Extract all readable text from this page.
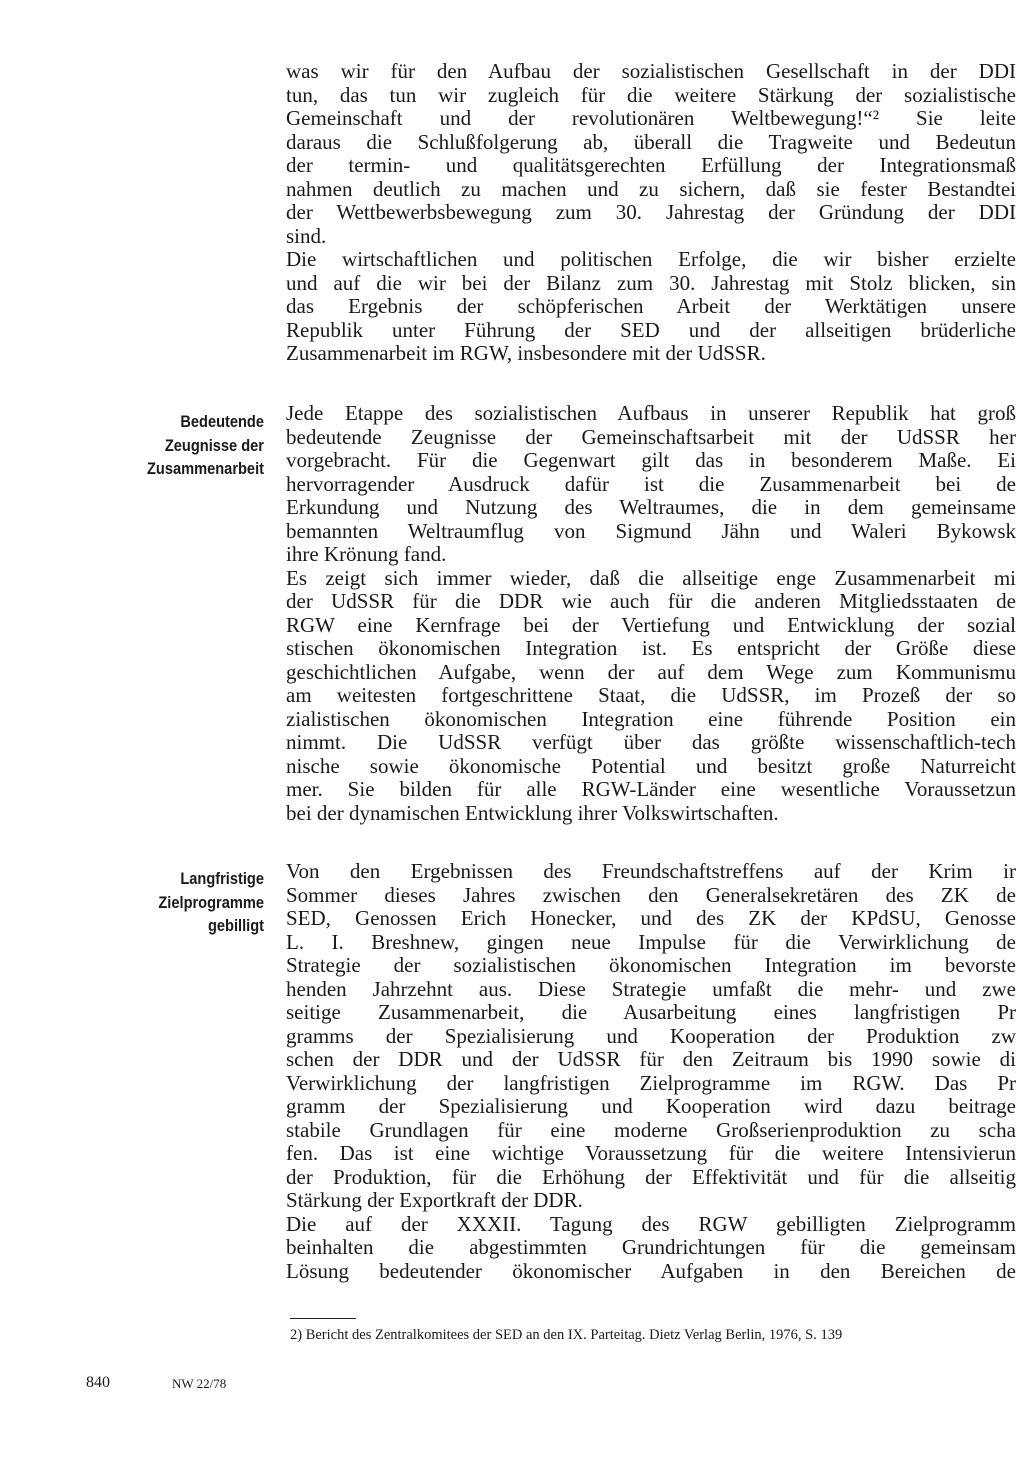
was wir für den Aufbau der sozialistischen Gesellschaft in der DDI
tun, das tun wir zugleich für die weitere Stärkung der sozialistische
Gemeinschaft und der revolutionären Weltbewegung!“² Sie leite
daraus die Schlußfolgerung ab, überall die Tragweite und Bedeutun
der termin- und qualitätsgerechten Erfüllung der Integrationsmaß
nahmen deutlich zu machen und zu sichern, daß sie fester Bestandtei
der Wettbewerbsbewegung zum 30. Jahrestag der Gründung der DDI
sind.
Die wirtschaftlichen und politischen Erfolge, die wir bisher erzielte
und auf die wir bei der Bilanz zum 30. Jahrestag mit Stolz blicken, sin
das Ergebnis der schöpferischen Arbeit der Werktätigen unsere
Republik unter Führung der SED und der allseitigen brüderliche
Zusammenarbeit im RGW, insbesondere mit der UdSSR.
Bedeutende
Zeugnisse der
Zusammenarbeit
Jede Etappe des sozialistischen Aufbaus in unserer Republik hat groß
bedeutende Zeugnisse der Gemeinschaftsarbeit mit der UdSSR her
vorgebracht. Für die Gegenwart gilt das in besonderem Maße. Ei
hervorragender Ausdruck dafür ist die Zusammenarbeit bei de
Erkundung und Nutzung des Weltraumes, die in dem gemeinsame
bemannten Weltraumflug von Sigmund Jähn und Waleri Bykowsk
ihre Krönung fand.
Es zeigt sich immer wieder, daß die allseitige enge Zusammenarbeit mi
der UdSSR für die DDR wie auch für die anderen Mitgliedsstaaten de
RGW eine Kernfrage bei der Vertiefung und Entwicklung der sozial
stischen ökonomischen Integration ist. Es entspricht der Größe diese
geschichtlichen Aufgabe, wenn der auf dem Wege zum Kommunismu
am weitesten fortgeschrittene Staat, die UdSSR, im Prozeß der so
zialistischen ökonomischen Integration eine führende Position ein
nimmt. Die UdSSR verfügt über das größte wissenschaftlich-tech
nische sowie ökonomische Potential und besitzt große Naturreicht
mer. Sie bilden für alle RGW-Länder eine wesentliche Voraussetzun
bei der dynamischen Entwicklung ihrer Volkswirtschaften.
Langfristige
Zielprogramme
gebilligt
Von den Ergebnissen des Freundschaftstreffens auf der Krim ir
Sommer dieses Jahres zwischen den Generalsekretären des ZK de
SED, Genossen Erich Honecker, und des ZK der KPdSU, Genosse
L. I. Breshnew, gingen neue Impulse für die Verwirklichung de
Strategie der sozialistischen ökonomischen Integration im bevorste
henden Jahrzehnt aus. Diese Strategie umfaßt die mehr- und zwe
seitige Zusammenarbeit, die Ausarbeitung eines langfristigen Pr
gramms der Spezialisierung und Kooperation der Produktion zw
schen der DDR und der UdSSR für den Zeitraum bis 1990 sowie di
Verwirklichung der langfristigen Zielprogramme im RGW. Das Pr
gramm der Spezialisierung und Kooperation wird dazu beitrage
stabile Grundlagen für eine moderne Großserienproduktion zu scha
fen. Das ist eine wichtige Voraussetzung für die weitere Intensivierun
der Produktion, für die Erhöhung der Effektivität und für die allseitig
Stärkung der Exportkraft der DDR.
Die auf der XXXII. Tagung des RGW gebilligten Zielprogramm
beinhalten die abgestimmten Grundrichtungen für die gemeinsam
Lösung bedeutender ökonomischer Aufgaben in den Bereichen de
2) Bericht des Zentralkomitees der SED an den IX. Parteitag. Dietz Verlag Berlin, 1976, S. 139
840	NW 22/78
